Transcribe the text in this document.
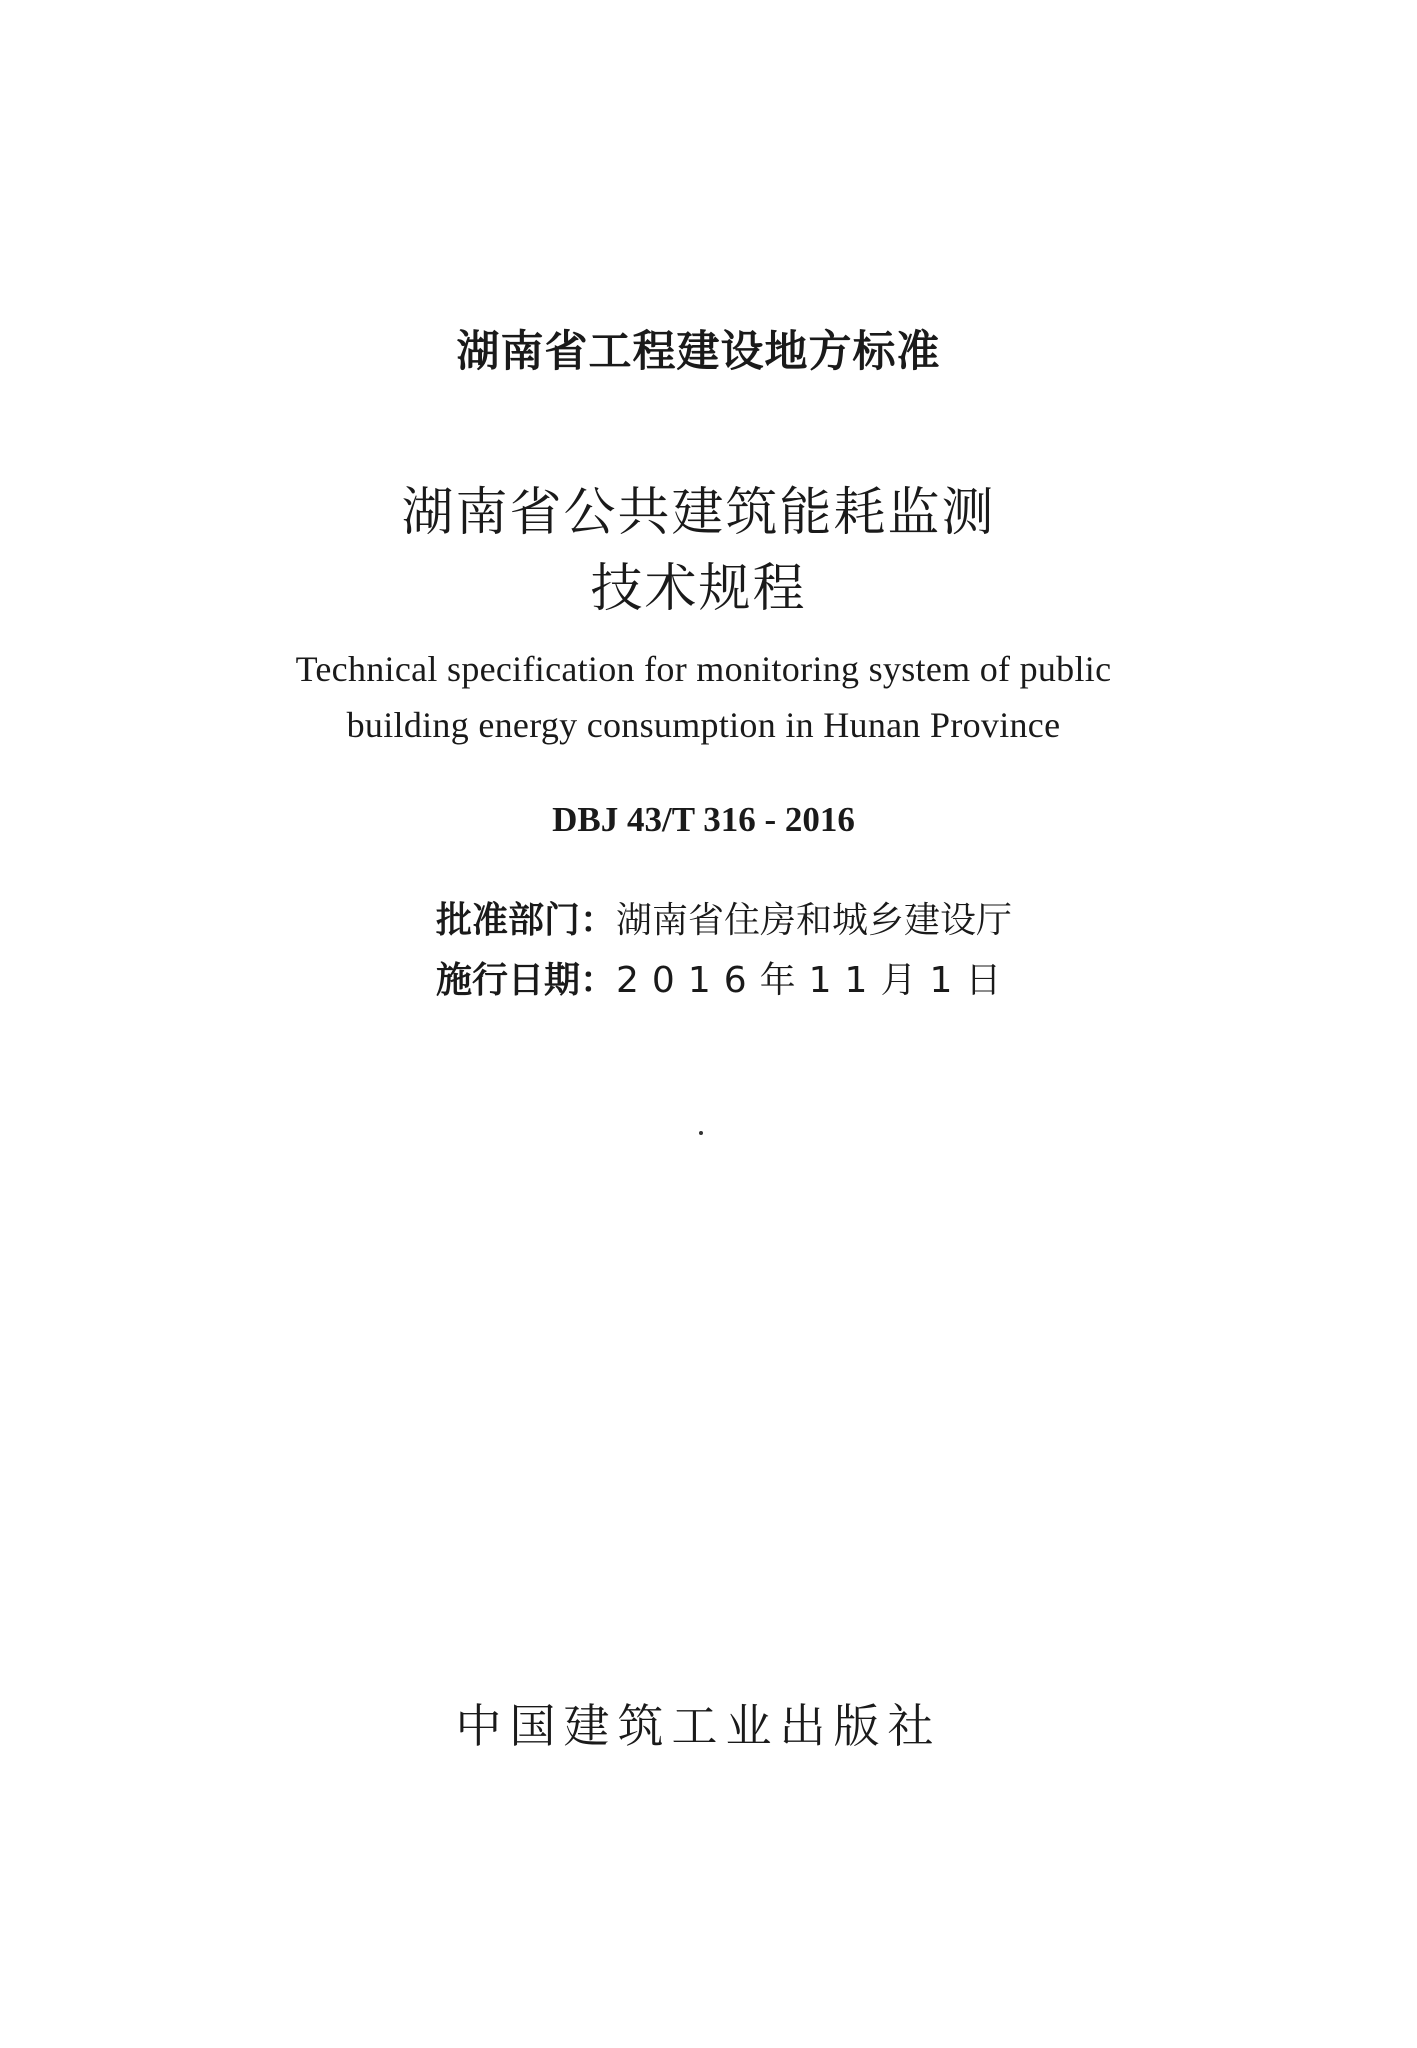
湖南省工程建设地方标准
湖南省公共建筑能耗监测
技术规程
Technical specification for monitoring system of public
building energy consumption in Hunan Province
DBJ 43/T 316 - 2016
批准部门：湖南省住房和城乡建设厅
施行日期：2016年11月1日
中国建筑工业出版社
